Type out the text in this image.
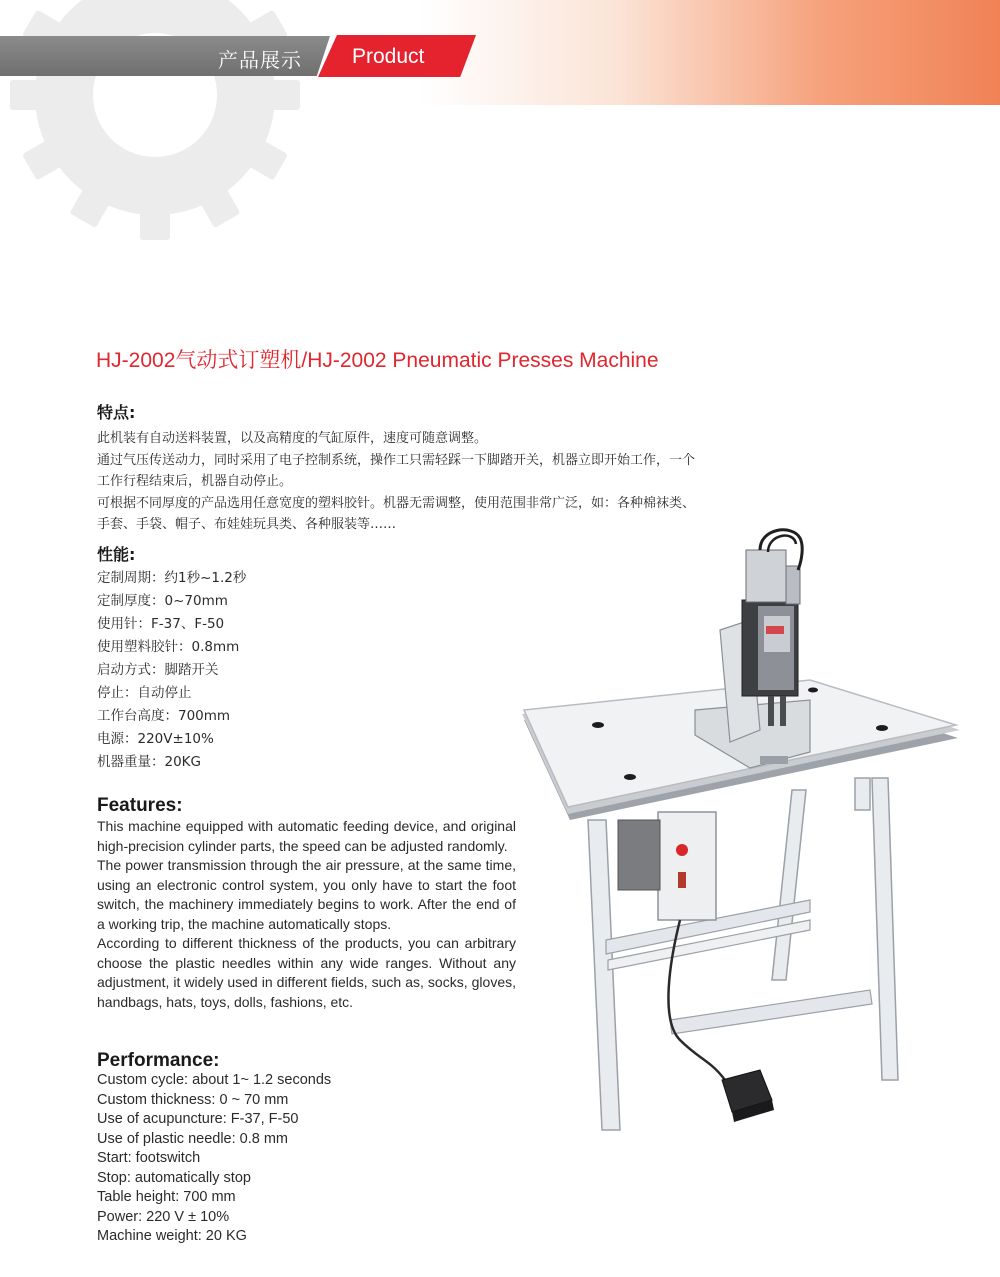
产品展示 Product
HJ-2002气动式订塑机/HJ-2002 Pneumatic Presses Machine
特点:

此机装有自动送料装置，以及高精度的气缸原件，速度可随意调整。

通过气压传送动力，同时采用了电子控制系统，操作工只需轻踩一下脚踏开关，机器立即开始工作，一个工作行程结束后，机器自动停止。

可根据不同厚度的产品选用任意宽度的塑料胶针。机器无需调整，使用范围非常广泛，如：各种棉袜类、手套、手袋、帽子、布娃娃玩具类、各种服装等……

性能:
定制周期：约1秒~1.2秒
定制厚度：0~70mm
使用针：F-37、F-50
使用塑料胶针：0.8mm
启动方式：脚踏开关
停止：自动停止
工作台高度：700mm
电源：220V±10%
机器重量：20KG
Features:

This machine equipped with automatic feeding device, and original high-precision cylinder parts, the speed can be adjusted randomly.

The power transmission through the air pressure, at the same time, using an electronic control system, you only have to start the foot switch, the machinery immediately begins to work. After the end of a working trip, the machine automatically stops.

According to different thickness of the products, you can arbitrary choose the plastic needles within any wide ranges. Without any adjustment, it widely used in different fields, such as, socks, gloves, handbags, hats, toys, dolls, fashions, etc.

Performance:
Custom cycle: about 1~ 1.2 seconds
Custom thickness: 0 ~ 70 mm
Use of acupuncture: F-37, F-50
Use of plastic needle: 0.8 mm
Start: footswitch
Stop: automatically stop
Table height: 700 mm
Power: 220 V ± 10%
Machine weight: 20 KG
